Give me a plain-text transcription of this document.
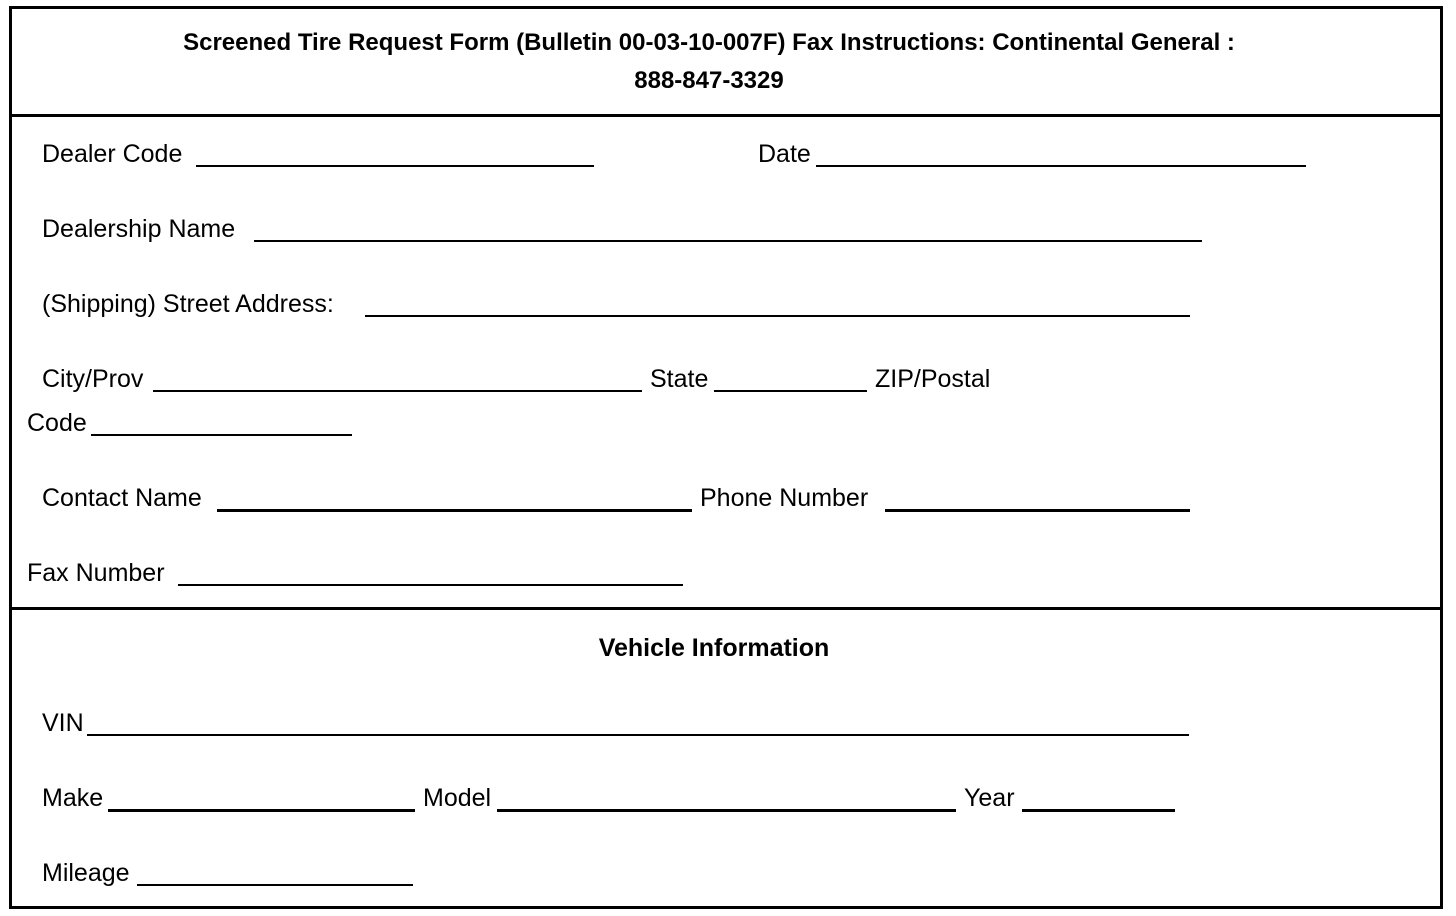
Screened Tire Request Form (Bulletin 00-03-10-007F) Fax Instructions: Continental General :
888-847-3329
Dealer Code	Date
Dealership Name
(Shipping) Street Address:
City/Prov	State	ZIP/Postal
Code
Contact Name	Phone Number
Fax Number
Vehicle Information
VIN
Make	Model	Year
Mileage
